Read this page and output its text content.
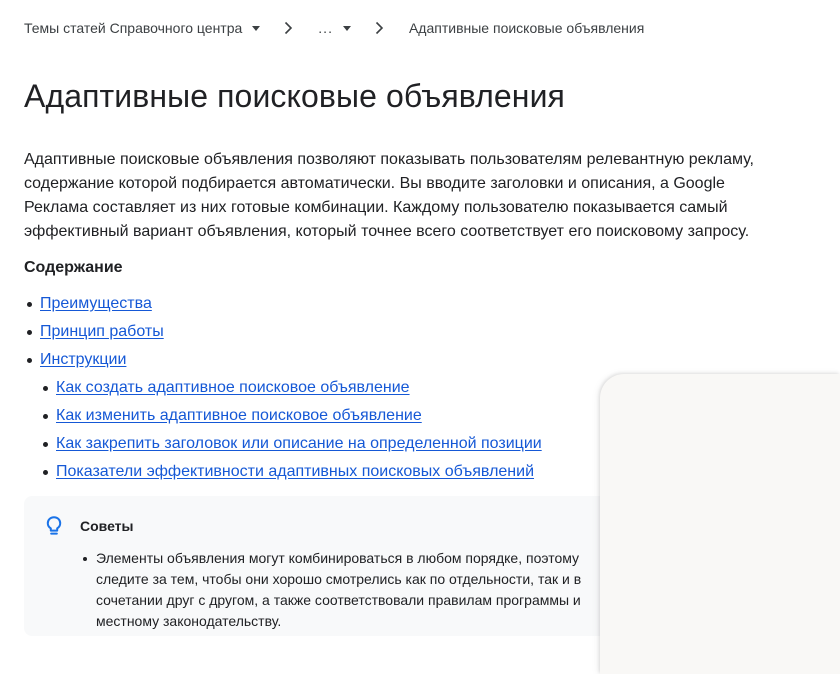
Темы статей Справочного центра	...	Адаптивные поисковые объявления
Адаптивные поисковые объявления

Адаптивные поисковые объявления позволяют показывать пользователям релевантную рекламу, содержание которой подбирается автоматически. Вы вводите заголовки и описания, а Google Реклама составляет из них готовые комбинации. Каждому пользователю показывается самый эффективный вариант объявления, который точнее всего соответствует его поисковому запросу.

Содержание
Преимущества
Принцип работы
Инструкции
Как создать адаптивное поисковое объявление
Как изменить адаптивное поисковое объявление
Как закрепить заголовок или описание на определенной позиции
Показатели эффективности адаптивных поисковых объявлений
Советы
Элементы объявления могут комбинироваться в любом порядке, поэтому следите за тем, чтобы они хорошо смотрелись как по отдельности, так и в сочетании друг с другом, а также соответствовали правилам программы и местному законодательству.
